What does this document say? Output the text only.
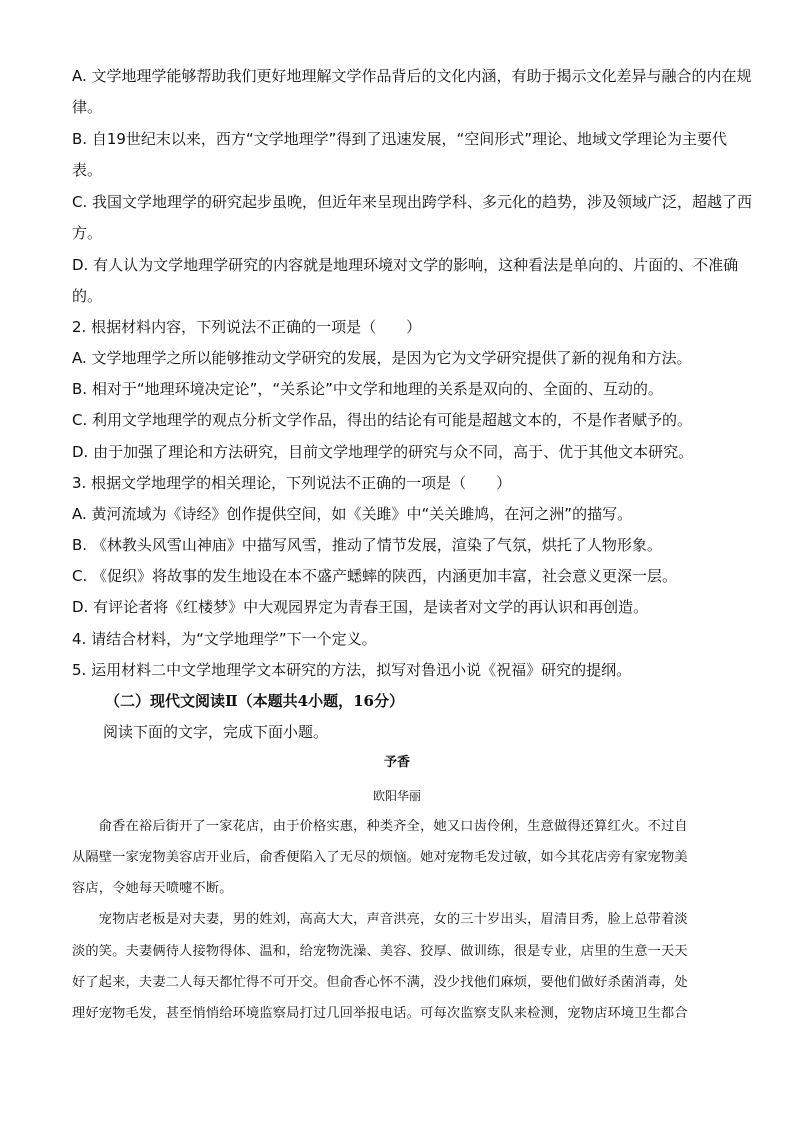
A. 文学地理学能够帮助我们更好地理解文学作品背后的文化内涵，有助于揭示文化差异与融合的内在规
律。
B. 自19世纪末以来，西方“文学地理学”得到了迅速发展，“空间形式”理论、地域文学理论为主要代
表。
C. 我国文学地理学的研究起步虽晚，但近年来呈现出跨学科、多元化的趋势，涉及领域广泛，超越了西
方。
D. 有人认为文学地理学研究的内容就是地理环境对文学的影响，这种看法是单向的、片面的、不准确
的。
2. 根据材料内容，下列说法不正确的一项是（　　）
A. 文学地理学之所以能够推动文学研究的发展，是因为它为文学研究提供了新的视角和方法。
B. 相对于“地理环境决定论”，“关系论”中文学和地理的关系是双向的、全面的、互动的。
C. 利用文学地理学的观点分析文学作品，得出的结论有可能是超越文本的，不是作者赋予的。
D. 由于加强了理论和方法研究，目前文学地理学的研究与众不同，高于、优于其他文本研究。
3. 根据文学地理学的相关理论，下列说法不正确的一项是（　　）
A. 黄河流域为《诗经》创作提供空间，如《关雎》中“关关雎鸠，在河之洲”的描写。
B. 《林教头风雪山神庙》中描写风雪，推动了情节发展，渲染了气氛，烘托了人物形象。
C. 《促织》将故事的发生地设在本不盛产蟋蟀的陕西，内涵更加丰富，社会意义更深一层。
D. 有评论者将《红楼梦》中大观园界定为青春王国，是读者对文学的再认识和再创造。
4. 请结合材料，为“文学地理学”下一个定义。
5. 运用材料二中文学地理学文本研究的方法，拟写对鲁迅小说《祝福》研究的提纲。
（二）现代文阅读Ⅱ（本题共4小题，16分）
阅读下面的文字，完成下面小题。
予香
欧阳华丽
　　俞香在裕后街开了一家花店，由于价格实惠，种类齐全，她又口齿伶俐，生意做得还算红火。不过自
从隔壁一家宠物美容店开业后，俞香便陷入了无尽的烦恼。她对宠物毛发过敏，如今其花店旁有家宠物美
容店，令她每天喷嚏不断。
　　宠物店老板是对夫妻，男的姓刘，高高大大，声音洪亮，女的三十岁出头，眉清目秀，脸上总带着淡
淡的笑。夫妻俩待人接物得体、温和，给宠物洗澡、美容、狡厚、做训练，很是专业，店里的生意一天天
好了起来，夫妻二人每天都忙得不可开交。但俞香心怀不满，没少找他们麻烦，要他们做好杀菌消毒，处
理好宠物毛发，甚至悄悄给环境监察局打过几回举报电话。可每次监察支队来检测，宠物店环境卫生都合
